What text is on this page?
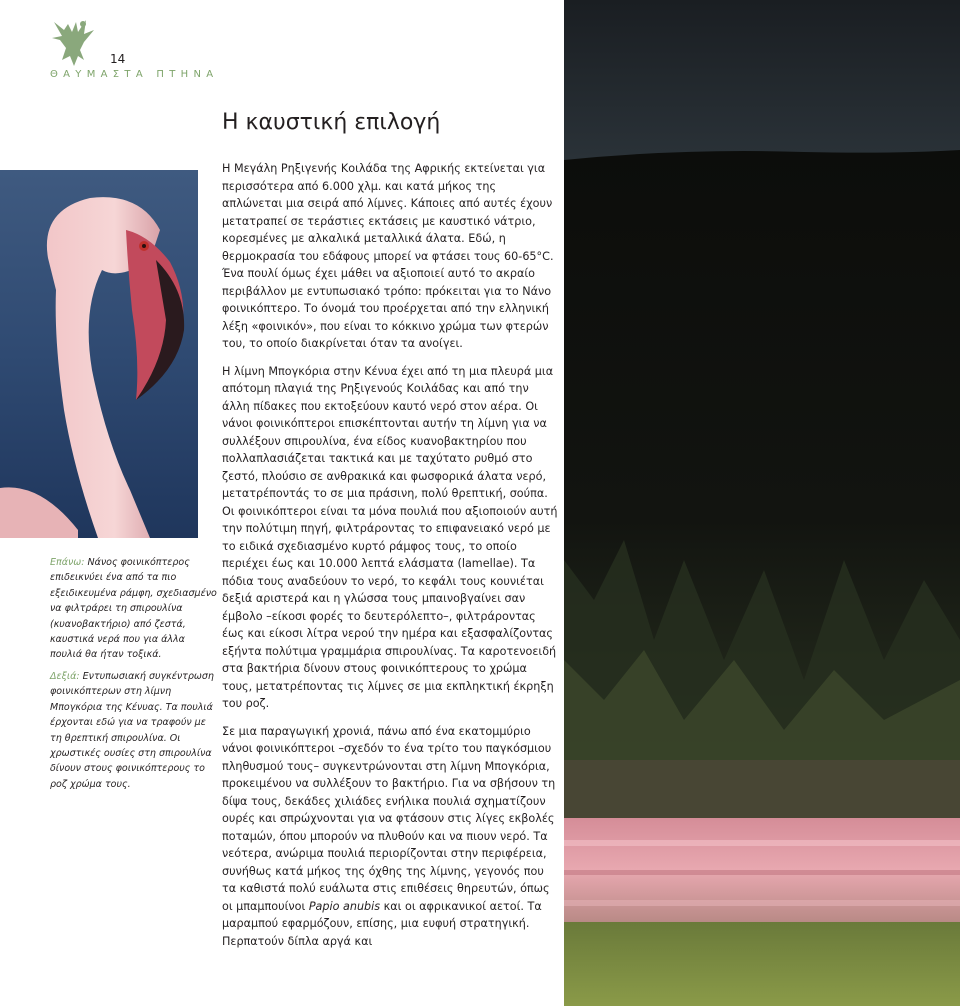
14
ΘΑΥΜΑΣΤΑ ΠΤΗΝΑ
Η καυστική επιλογή

Επάνω: Νάνος φοινικόπτερος επιδεικνύει ένα από τα πιο εξειδικευμένα ράμφη, σχεδιασμένο να φιλτράρει τη σπιρουλίνα (κυανοβακτήριο) από ζεστά, καυστικά νερά που για άλλα πουλιά θα ήταν τοξικά.

Δεξιά: Εντυπωσιακή συγκέντρωση φοινικόπτερων στη λίμνη Μπογκόρια της Κένυας. Τα πουλιά έρχονται εδώ για να τραφούν με τη θρεπτική σπιρουλίνα. Οι χρωστικές ουσίες στη σπιρουλίνα δίνουν στους φοινικόπτερους το ροζ χρώμα τους.

Η Μεγάλη Ρηξιγενής Κοιλάδα της Αφρικής εκτείνεται για περισσότερα από 6.000 χλμ. και κατά μήκος της απλώνεται μια σειρά από λίμνες. Κάποιες από αυτές έχουν μετατραπεί σε τεράστιες εκτάσεις με καυστικό νάτριο, κορεσμένες με αλκαλικά μεταλλικά άλατα. Εδώ, η θερμοκρασία του εδάφους μπορεί να φτάσει τους 60-65°C. Ένα πουλί όμως έχει μάθει να αξιοποιεί αυτό το ακραίο περιβάλλον με εντυπωσιακό τρόπο: πρόκειται για το Νάνο φοινικόπτερο. Το όνομά του προέρχεται από την ελληνική λέξη «φοινικόν», που είναι το κόκκινο χρώμα των φτερών του, το οποίο διακρίνεται όταν τα ανοίγει.

Η λίμνη Μπογκόρια στην Κένυα έχει από τη μια πλευρά μια απότομη πλαγιά της Ρηξιγενούς Κοιλάδας και από την άλλη πίδακες που εκτοξεύουν καυτό νερό στον αέρα. Οι νάνοι φοινικόπτεροι επισκέπτονται αυτήν τη λίμνη για να συλλέξουν σπιρουλίνα, ένα είδος κυανοβακτηρίου που πολλαπλασιάζεται τακτικά και με ταχύτατο ρυθμό στο ζεστό, πλούσιο σε ανθρακικά και φωσφορικά άλατα νερό, μετατρέποντάς το σε μια πράσινη, πολύ θρεπτική, σούπα. Οι φοινικόπτεροι είναι τα μόνα πουλιά που αξιοποιούν αυτή την πολύτιμη πηγή, φιλτράροντας το επιφανειακό νερό με το ειδικά σχεδιασμένο κυρτό ράμφος τους, το οποίο περιέχει έως και 10.000 λεπτά ελάσματα (lamellae). Τα πόδια τους αναδεύουν το νερό, το κεφάλι τους κουνιέται δεξιά αριστερά και η γλώσσα τους μπαινοβγαίνει σαν έμβολο –είκοσι φορές το δευτερόλεπτο–, φιλτράροντας έως και είκοσι λίτρα νερού την ημέρα και εξασφαλίζοντας εξήντα πολύτιμα γραμμάρια σπιρουλίνας. Τα καροτενοειδή στα βακτήρια δίνουν στους φοινικόπτερους το χρώμα τους, μετατρέποντας τις λίμνες σε μια εκπληκτική έκρηξη του ροζ.

Σε μια παραγωγική χρονιά, πάνω από ένα εκατομμύριο νάνοι φοινικόπτεροι –σχεδόν το ένα τρίτο του παγκόσμιου πληθυσμού τους– συγκεντρώνονται στη λίμνη Μπογκόρια, προκειμένου να συλλέξουν το βακτήριο. Για να σβήσουν τη δίψα τους, δεκάδες χιλιάδες ενήλικα πουλιά σχηματίζουν ουρές και σπρώχνονται για να φτάσουν στις λίγες εκβολές ποταμών, όπου μπορούν να πλυθούν και να πιουν νερό. Τα νεότερα, ανώριμα πουλιά περιορίζονται στην περιφέρεια, συνήθως κατά μήκος της όχθης της λίμνης, γεγονός που τα καθιστά πολύ ευάλωτα στις επιθέσεις θηρευτών, όπως οι μπαμπουίνοι Papio anubis και οι αφρικανικοί αετοί. Τα μαραμπού εφαρμόζουν, επίσης, μια ευφυή στρατηγική. Περπατούν δίπλα αργά και
